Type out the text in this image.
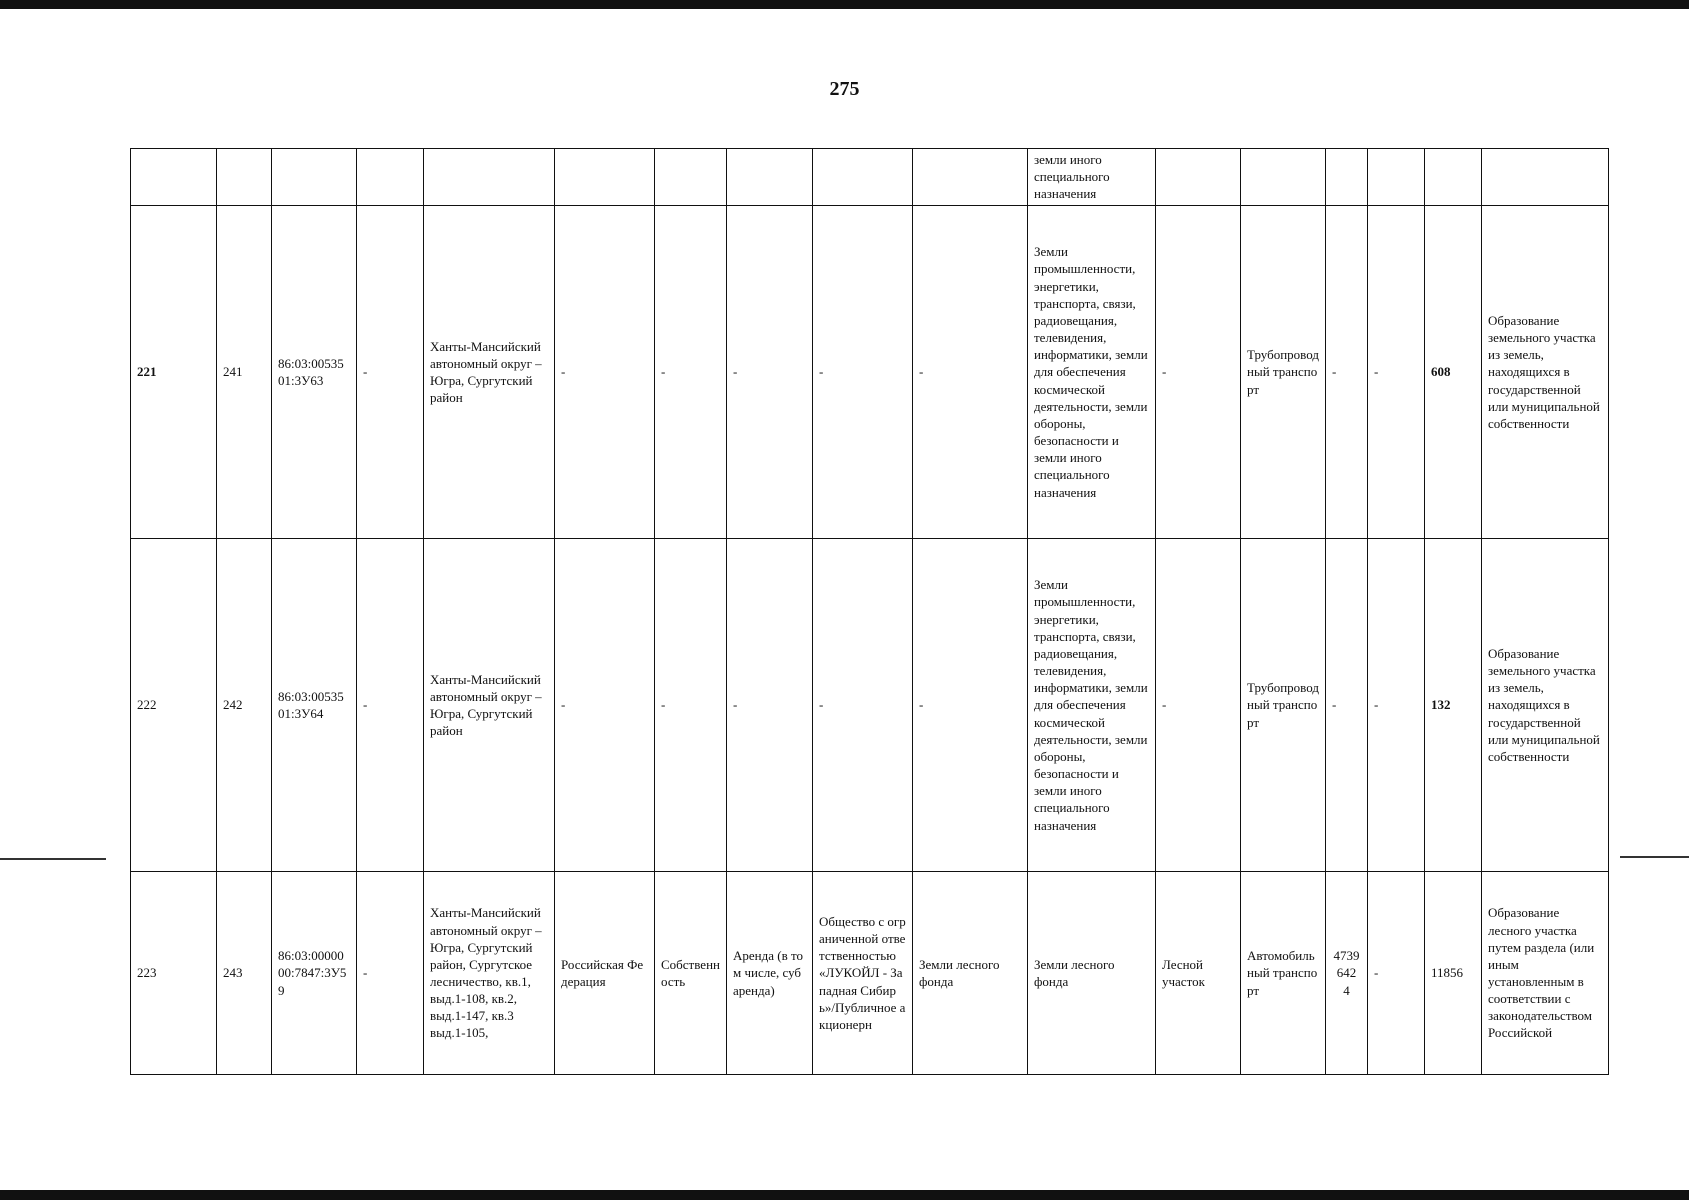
275
										земли иного специального назначения						
221	241	86:03:0053501:3У63	-	Ханты-Мансийский автономный округ – Югра, Сургутский район	-	-	-	-	-	Земли промышленности, энергетики, транспорта, связи, радиовещания, телевидения, информатики, земли для обеспечения космической деятельности, земли обороны, безопасности и земли иного специального назначения	-	Трубопроводный транспорт	-	-	608	Образование земельного участка из земель, находящихся в государственной или муниципальной собственности
222	242	86:03:0053501:3У64	-	Ханты-Мансийский автономный округ – Югра, Сургутский район	-	-	-	-	-	Земли промышленности, энергетики, транспорта, связи, радиовещания, телевидения, информатики, земли для обеспечения космической деятельности, земли обороны, безопасности и земли иного специального назначения	-	Трубопроводный транспорт	-	-	132	Образование земельного участка из земель, находящихся в государственной или муниципальной собственности
223	243	86:03:0000000:7847:3У59	-	Ханты-Мансийский автономный округ – Югра, Сургутский район, Сургутское лесничество, кв.1, выд.1-108, кв.2, выд.1-147, кв.3 выд.1-105,	Российская Федерация	Собственность	Аренда (в том числе, субаренда)	Общество с ограниченной ответственностью «ЛУКОЙЛ - Западная Сибирь»/Публичное акционерн	Земли лесного фонда	Земли лесного фонда	Лесной участок	Автомобильный транспорт	4739642 4	-	11856	Образование лесного участка путем раздела (или иным установленным в соответствии с законодательством Российской
